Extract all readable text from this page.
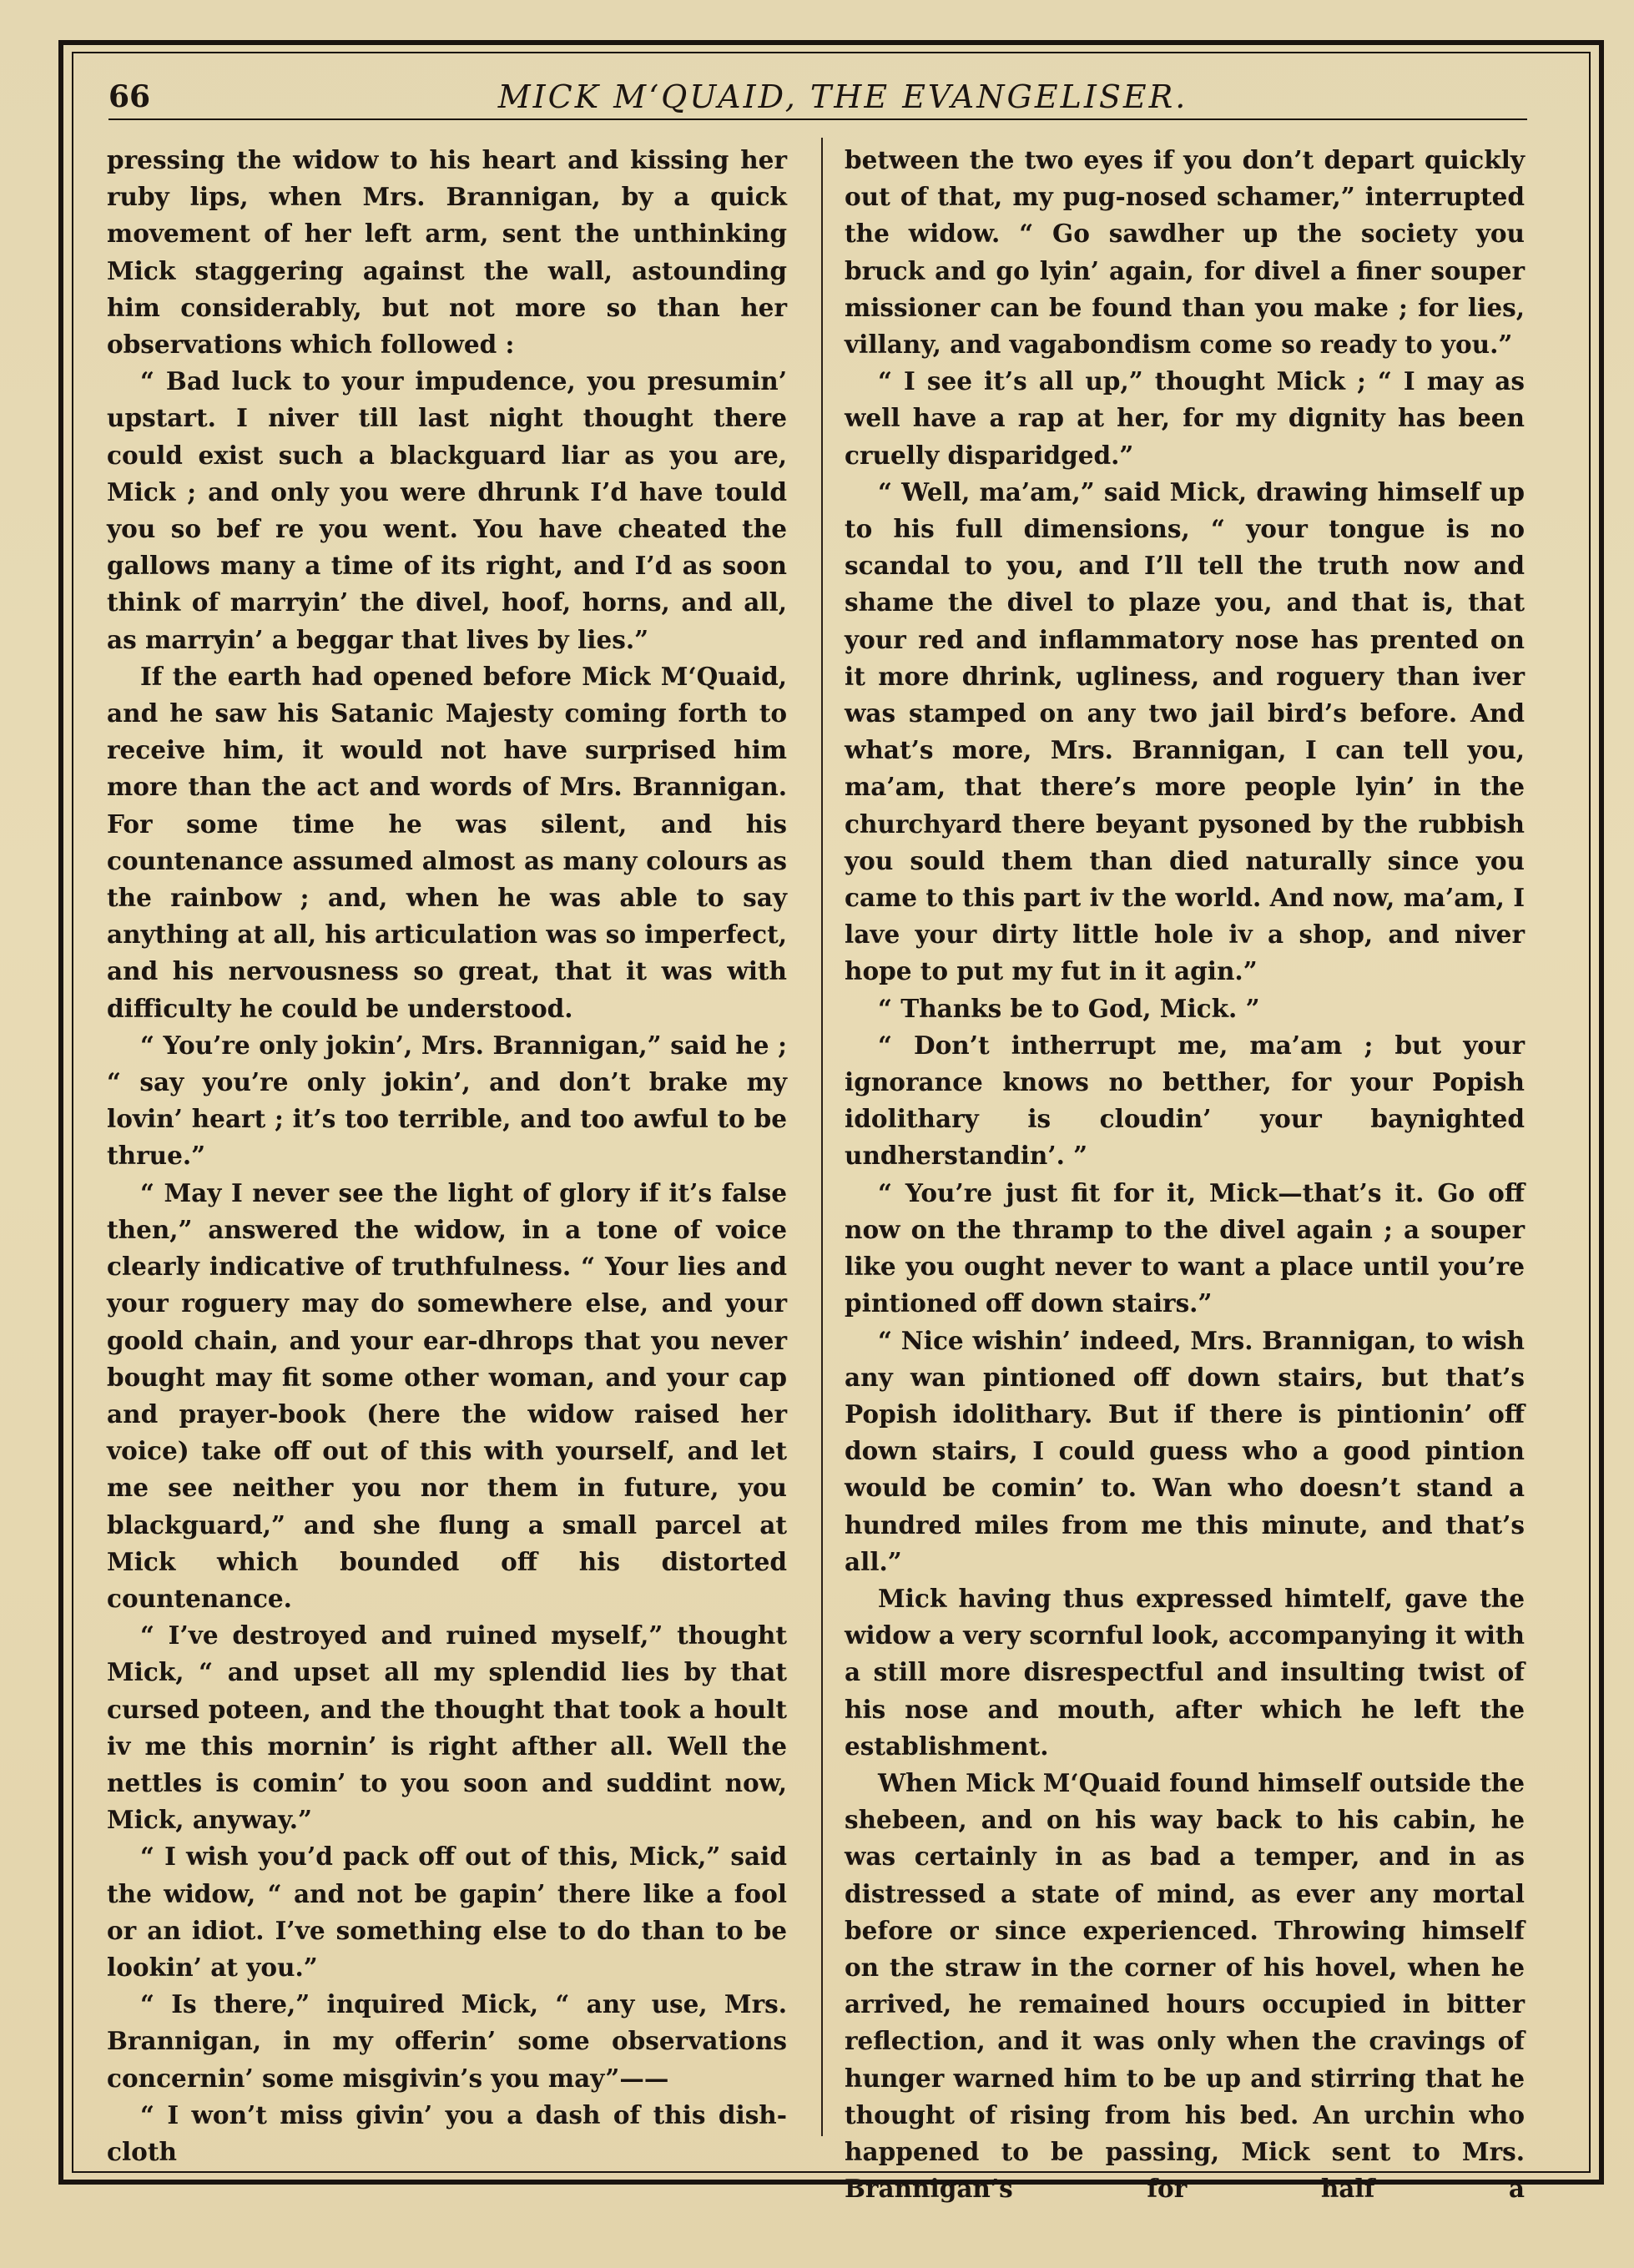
66	MICK M‘QUAID, THE EVANGELISER.

pressing the widow to his heart and kissing her ruby lips, when Mrs. Brannigan, by a quick movement of her left arm, sent the unthinking Mick staggering against the wall, astounding him considerably, but not more so than her observations which followed :

“ Bad luck to your impudence, you presumin’ upstart. I niver till last night thought there could exist such a blackguard liar as you are, Mick ; and only you were dhrunk I’d have tould you so bef re you went. You have cheated the gallows many a time of its right, and I’d as soon think of marryin’ the divel, hoof, horns, and all, as marryin’ a beggar that lives by lies.”

If the earth had opened before Mick M‘Quaid, and he saw his Satanic Majesty coming forth to receive him, it would not have surprised him more than the act and words of Mrs. Brannigan. For some time he was silent, and his countenance assumed almost as many colours as the rainbow ; and, when he was able to say anything at all, his articulation was so imperfect, and his nervousness so great, that it was with difficulty he could be understood.

“ You’re only jokin’, Mrs. Brannigan,” said he ; “ say you’re only jokin’, and don’t brake my lovin’ heart ; it’s too terrible, and too awful to be thrue.”

“ May I never see the light of glory if it’s false then,” answered the widow, in a tone of voice clearly indicative of truthfulness. “ Your lies and your roguery may do somewhere else, and your goold chain, and your ear-dhrops that you never bought may fit some other woman, and your cap and prayer-book (here the widow raised her voice) take off out of this with yourself, and let me see neither you nor them in future, you blackguard,” and she flung a small parcel at Mick which bounded off his distorted countenance.

“ I’ve destroyed and ruined myself,” thought Mick, “ and upset all my splendid lies by that cursed poteen, and the thought that took a hoult iv me this mornin’ is right afther all. Well the nettles is comin’ to you soon and suddint now, Mick, anyway.”

“ I wish you’d pack off out of this, Mick,” said the widow, “ and not be gapin’ there like a fool or an idiot. I’ve something else to do than to be lookin’ at you.”

“ Is there,” inquired Mick, “ any use, Mrs. Brannigan, in my offerin’ some observations concernin’ some misgivin’s you may”——

“ I won’t miss givin’ you a dash of this dish-cloth

between the two eyes if you don’t depart quickly out of that, my pug-nosed schamer,” interrupted the widow. “ Go sawdher up the society you bruck and go lyin’ again, for divel a finer souper missioner can be found than you make ; for lies, villany, and vagabondism come so ready to you.”

“ I see it’s all up,” thought Mick ; “ I may as well have a rap at her, for my dignity has been cruelly disparidged.”

“ Well, ma’am,” said Mick, drawing himself up to his full dimensions, “ your tongue is no scandal to you, and I’ll tell the truth now and shame the divel to plaze you, and that is, that your red and inflammatory nose has prented on it more dhrink, ugliness, and roguery than iver was stamped on any two jail bird’s before. And what’s more, Mrs. Brannigan, I can tell you, ma’am, that there’s more people lyin’ in the churchyard there beyant pysoned by the rubbish you sould them than died naturally since you came to this part iv the world. And now, ma’am, I lave your dirty little hole iv a shop, and niver hope to put my fut in it agin.”

“ Thanks be to God, Mick. ”

“ Don’t intherrupt me, ma’am ; but your ignorance knows no betther, for your Popish idolithary is cloudin’ your baynighted undherstandin’. ”

“ You’re just fit for it, Mick—that’s it. Go off now on the thramp to the divel again ; a souper like you ought never to want a place until you’re pintioned off down stairs.”

“ Nice wishin’ indeed, Mrs. Brannigan, to wish any wan pintioned off down stairs, but that’s Popish idolithary. But if there is pintionin’ off down stairs, I could guess who a good pintion would be comin’ to. Wan who doesn’t stand a hundred miles from me this minute, and that’s all.”

Mick having thus expressed himtelf, gave the widow a very scornful look, accompanying it with a still more disrespectful and insulting twist of his nose and mouth, after which he left the establishment.

When Mick M‘Quaid found himself outside the shebeen, and on his way back to his cabin, he was certainly in as bad a temper, and in as distressed a state of mind, as ever any mortal before or since experienced. Throwing himself on the straw in the corner of his hovel, when he arrived, he remained hours occupied in bitter reflection, and it was only when the cravings of hunger warned him to be up and stirring that he thought of rising from his bed. An urchin who happened to be passing, Mick sent to Mrs. Brannigan’s for half a
